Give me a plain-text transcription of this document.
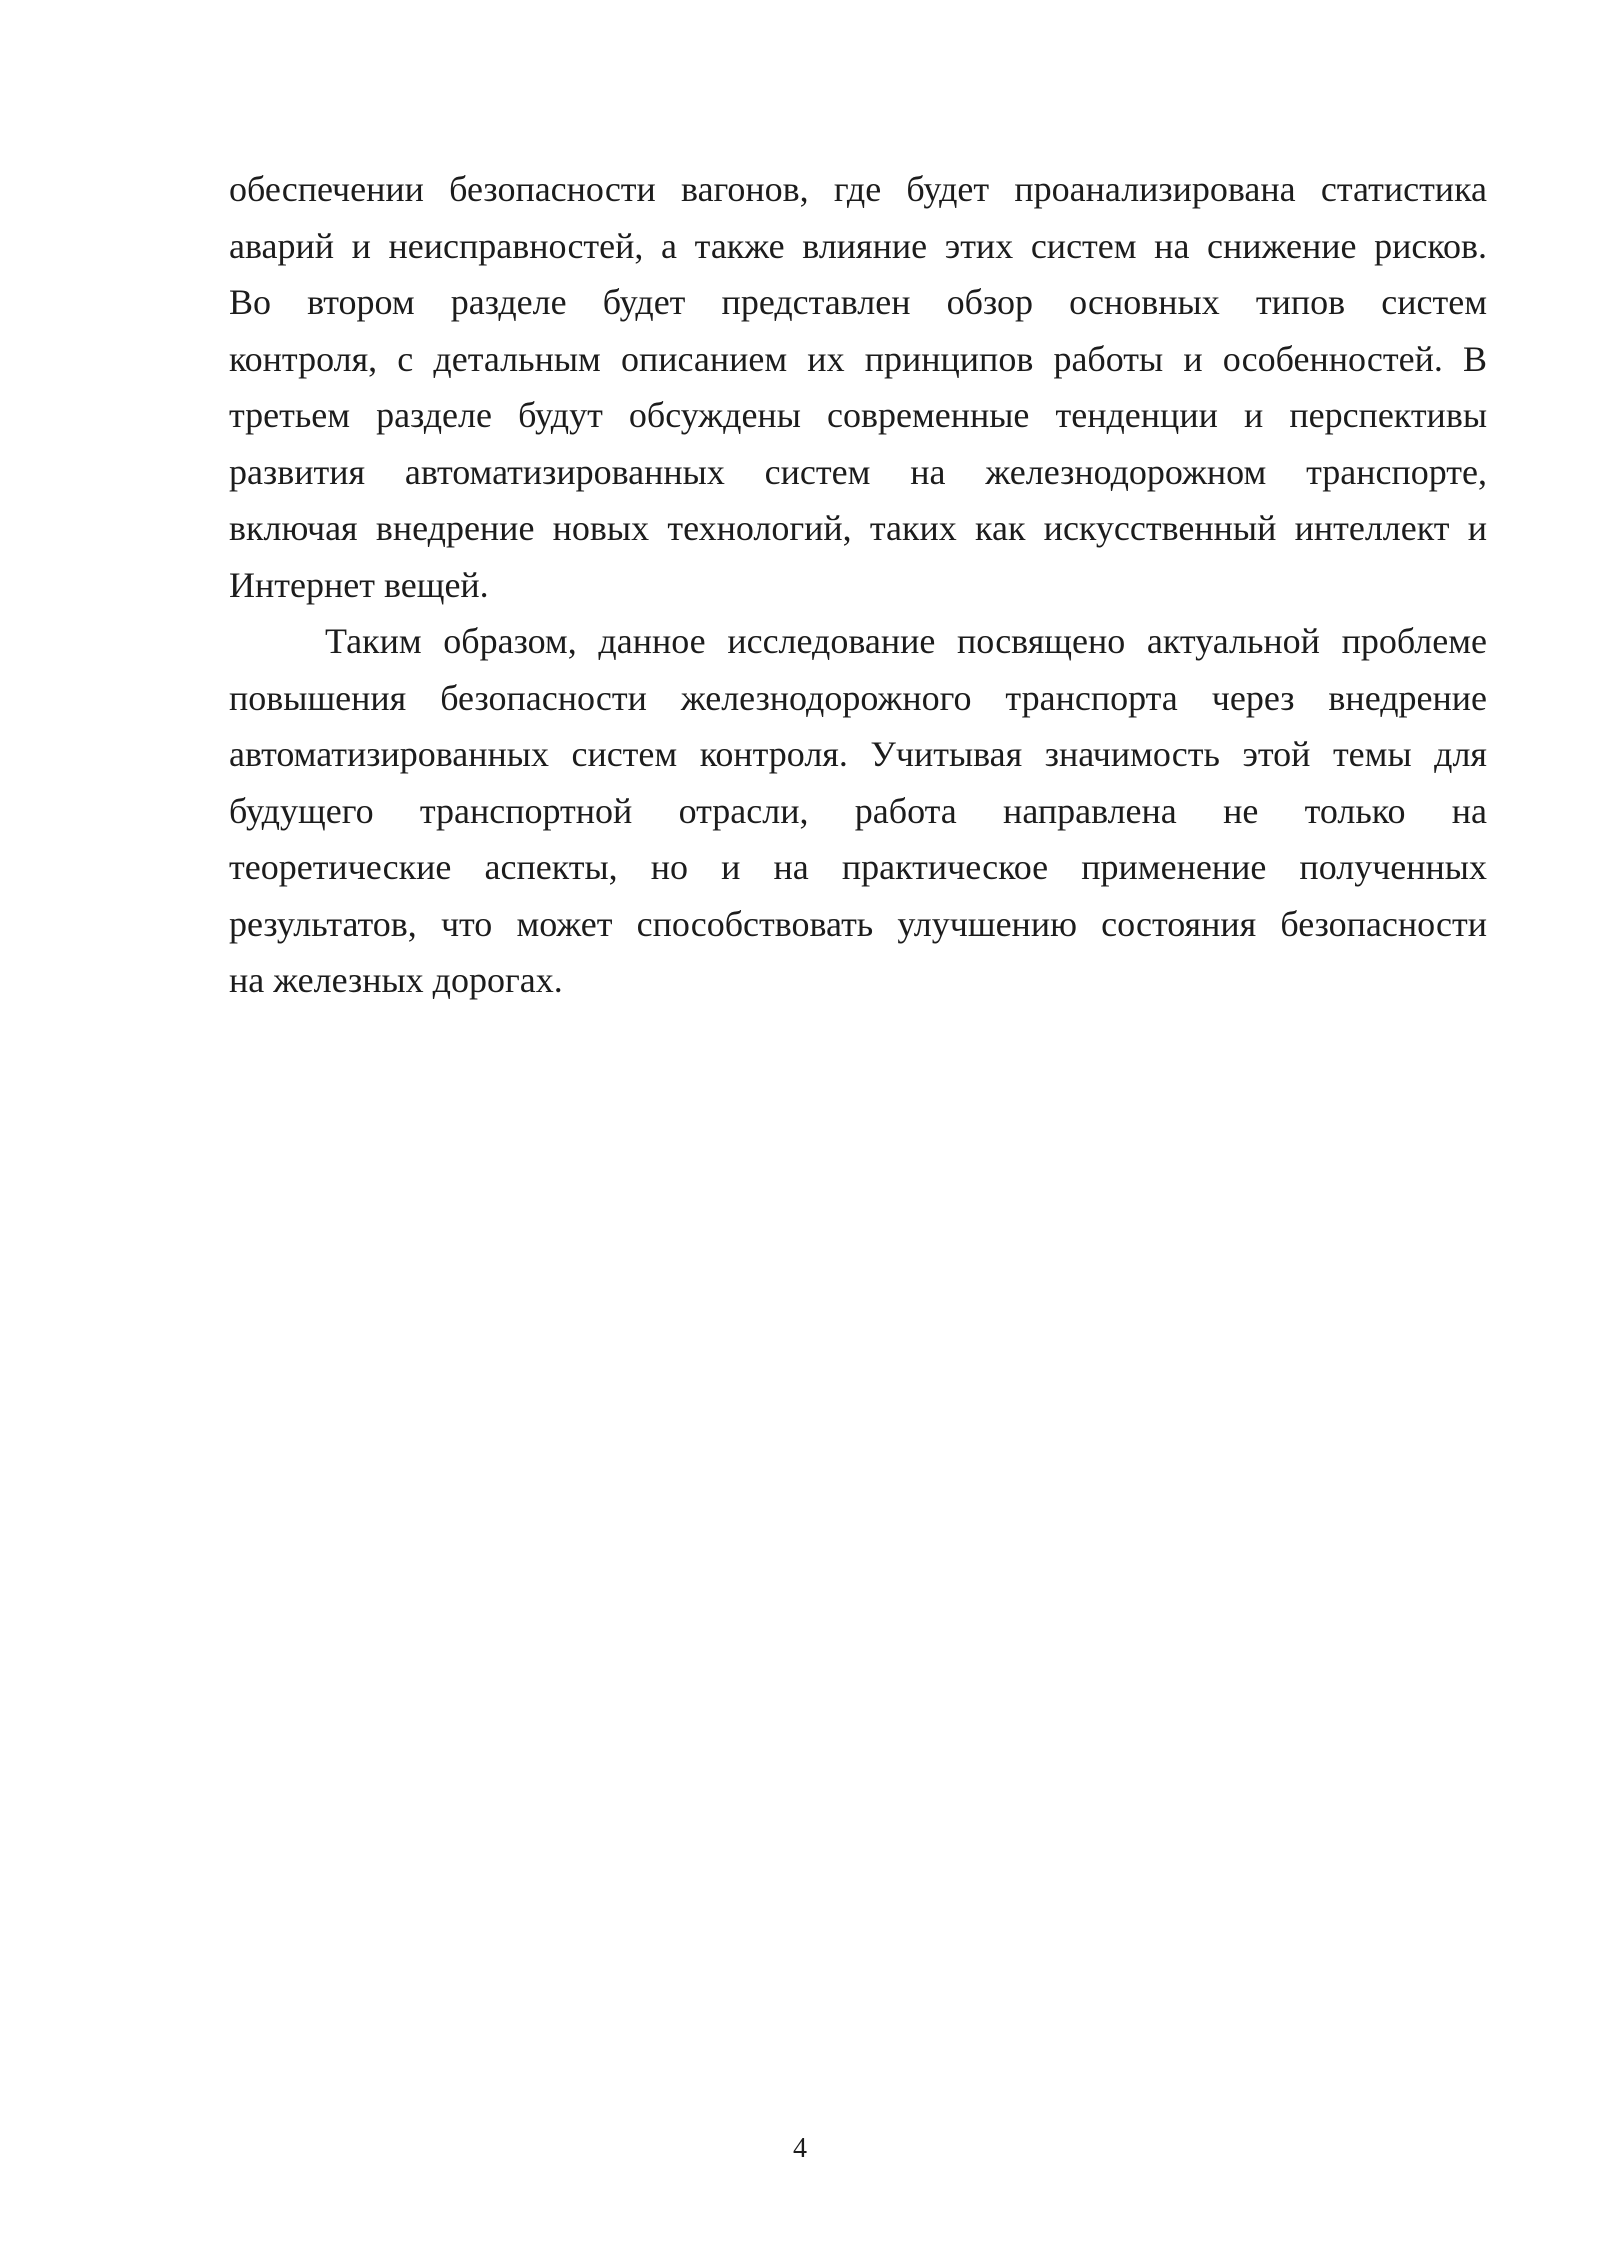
обеспечении безопасности вагонов, где будет проанализирована статистика
аварий и неисправностей, а также влияние этих систем на снижение рисков.
Во втором разделе будет представлен обзор основных типов систем
контроля, с детальным описанием их принципов работы и особенностей. В
третьем разделе будут обсуждены современные тенденции и перспективы
развития автоматизированных систем на железнодорожном транспорте,
включая внедрение новых технологий, таких как искусственный интеллект и
Интернет вещей.
Таким образом, данное исследование посвящено актуальной проблеме
повышения безопасности железнодорожного транспорта через внедрение
автоматизированных систем контроля. Учитывая значимость этой темы для
будущего транспортной отрасли, работа направлена не только на
теоретические аспекты, но и на практическое применение полученных
результатов, что может способствовать улучшению состояния безопасности
на железных дорогах.
4
